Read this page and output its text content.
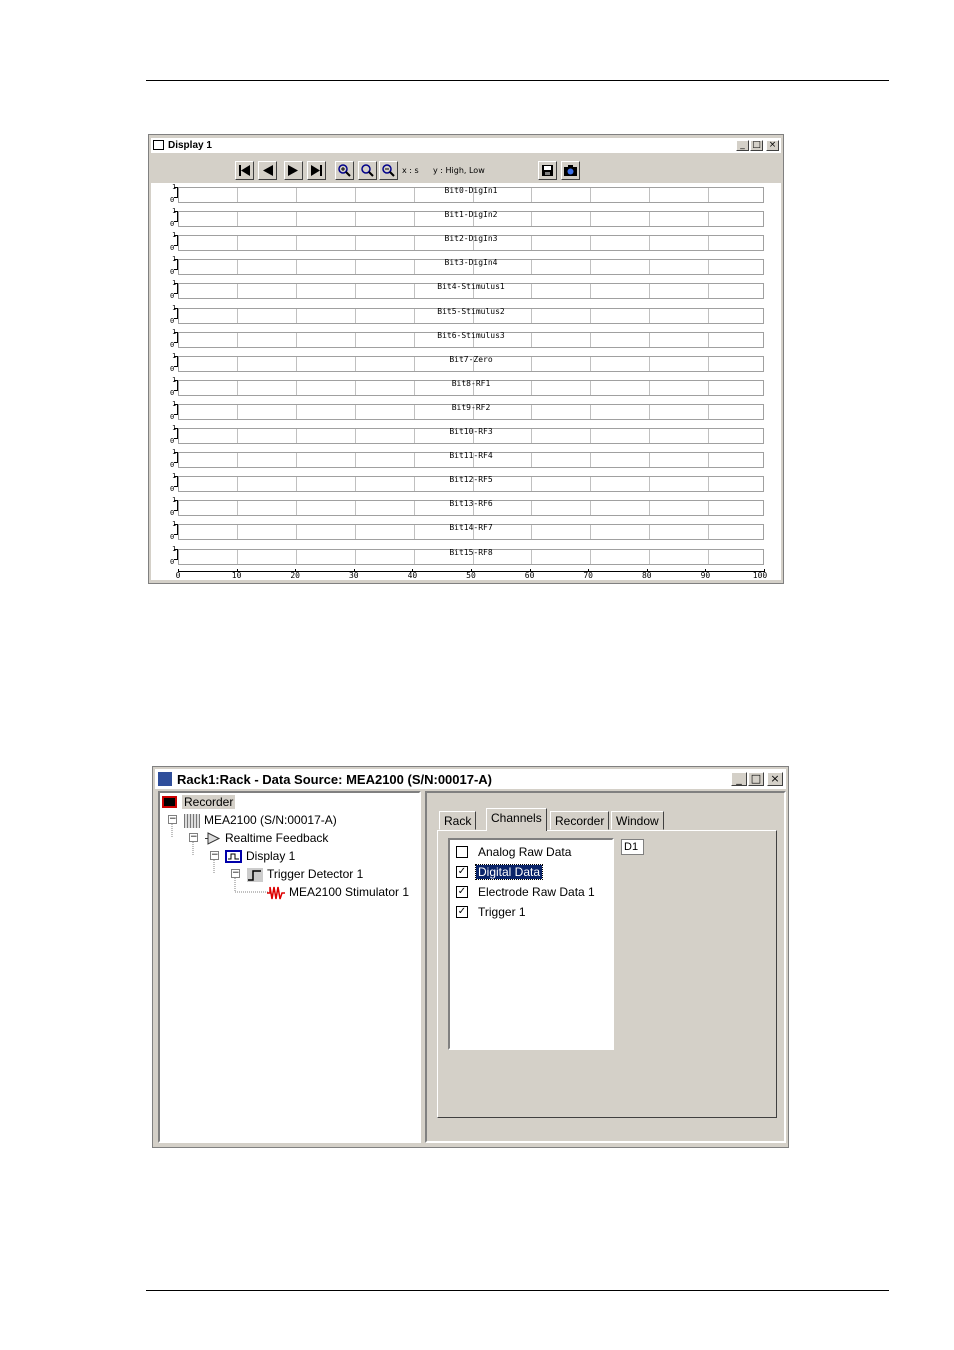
Display 1	_ □ ×
x : s y : High, Low
1
0
Bit0-DigIn1
1
0
Bit1-DigIn2
1
0
Bit2-DigIn3
1
0
Bit3-DigIn4
1
0
Bit4-Stimulus1
1
0
Bit5-Stimulus2
1
0
Bit6-Stimulus3
1
0
Bit7-Zero
1
0
Bit8-RF1
1
0
Bit9-RF2
1
0
Bit10-RF3
1
0
Bit11-RF4
1
0
Bit12-RF5
1
0
Bit13-RF6
1
0
Bit14-RF7
1
0
Bit15-RF8
0	10	20	30	40	50	60	70	80	90	100
Rack1:Rack - Data Source: MEA2100 (S/N:00017-A)	_ □ ×
Recorder
− MEA2100 (S/N:00017-A)
− Realtime Feedback
− Display 1
− Trigger Detector 1
MEA2100 Stimulator 1
Rack	Channels	Recorder Window
Analog Raw Data
✓ Digital Data
✓ Electrode Raw Data 1
✓ Trigger 1
D1
